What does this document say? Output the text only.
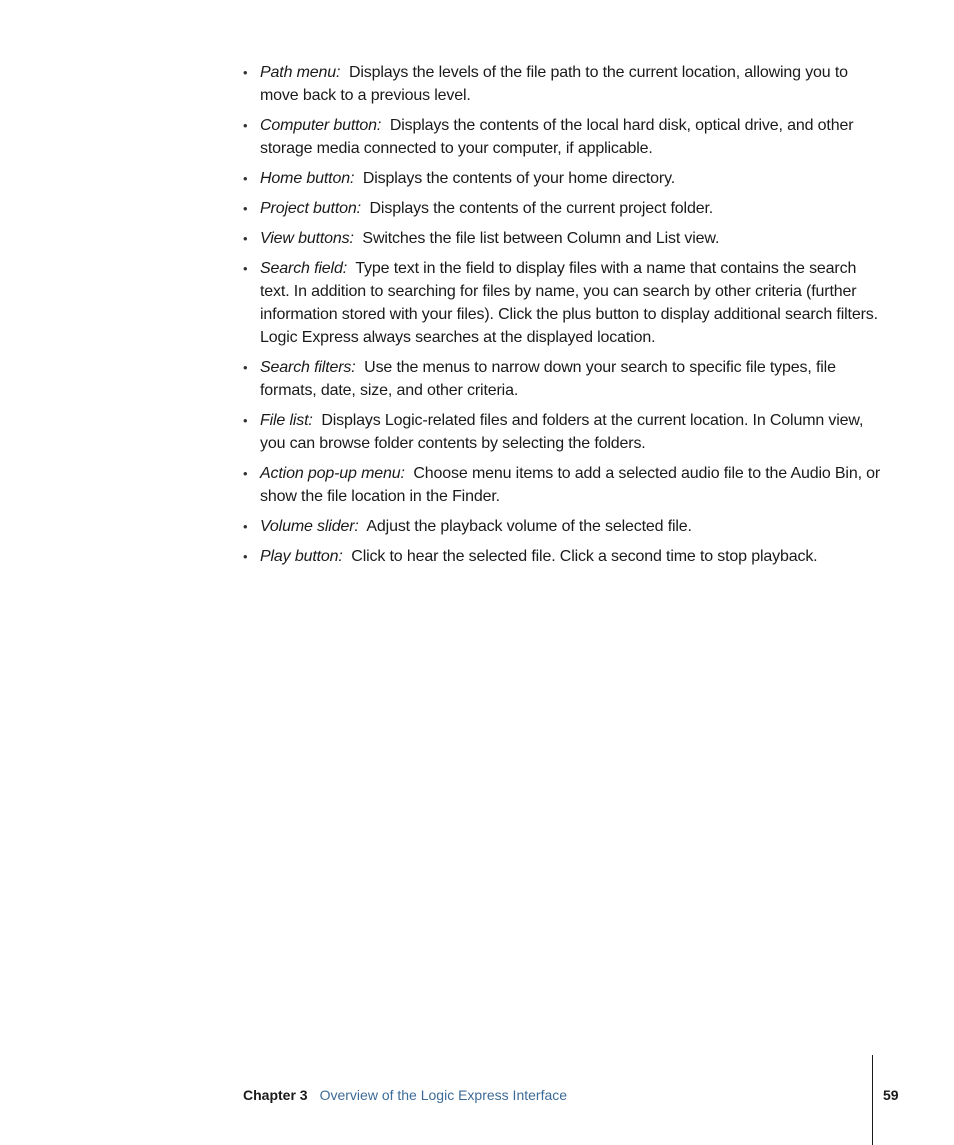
• Path menu: Displays the levels of the file path to the current location, allowing you to move back to a previous level.
• Computer button: Displays the contents of the local hard disk, optical drive, and other storage media connected to your computer, if applicable.
• Home button: Displays the contents of your home directory.
• Project button: Displays the contents of the current project folder.
• View buttons: Switches the file list between Column and List view.
• Search field: Type text in the field to display files with a name that contains the search text. In addition to searching for files by name, you can search by other criteria (further information stored with your files). Click the plus button to display additional search filters. Logic Express always searches at the displayed location.
• Search filters: Use the menus to narrow down your search to specific file types, file formats, date, size, and other criteria.
• File list: Displays Logic-related files and folders at the current location. In Column view, you can browse folder contents by selecting the folders.
• Action pop-up menu: Choose menu items to add a selected audio file to the Audio Bin, or show the file location in the Finder.
• Volume slider: Adjust the playback volume of the selected file.
• Play button: Click to hear the selected file. Click a second time to stop playback.
Chapter 3 Overview of the Logic Express Interface	59
